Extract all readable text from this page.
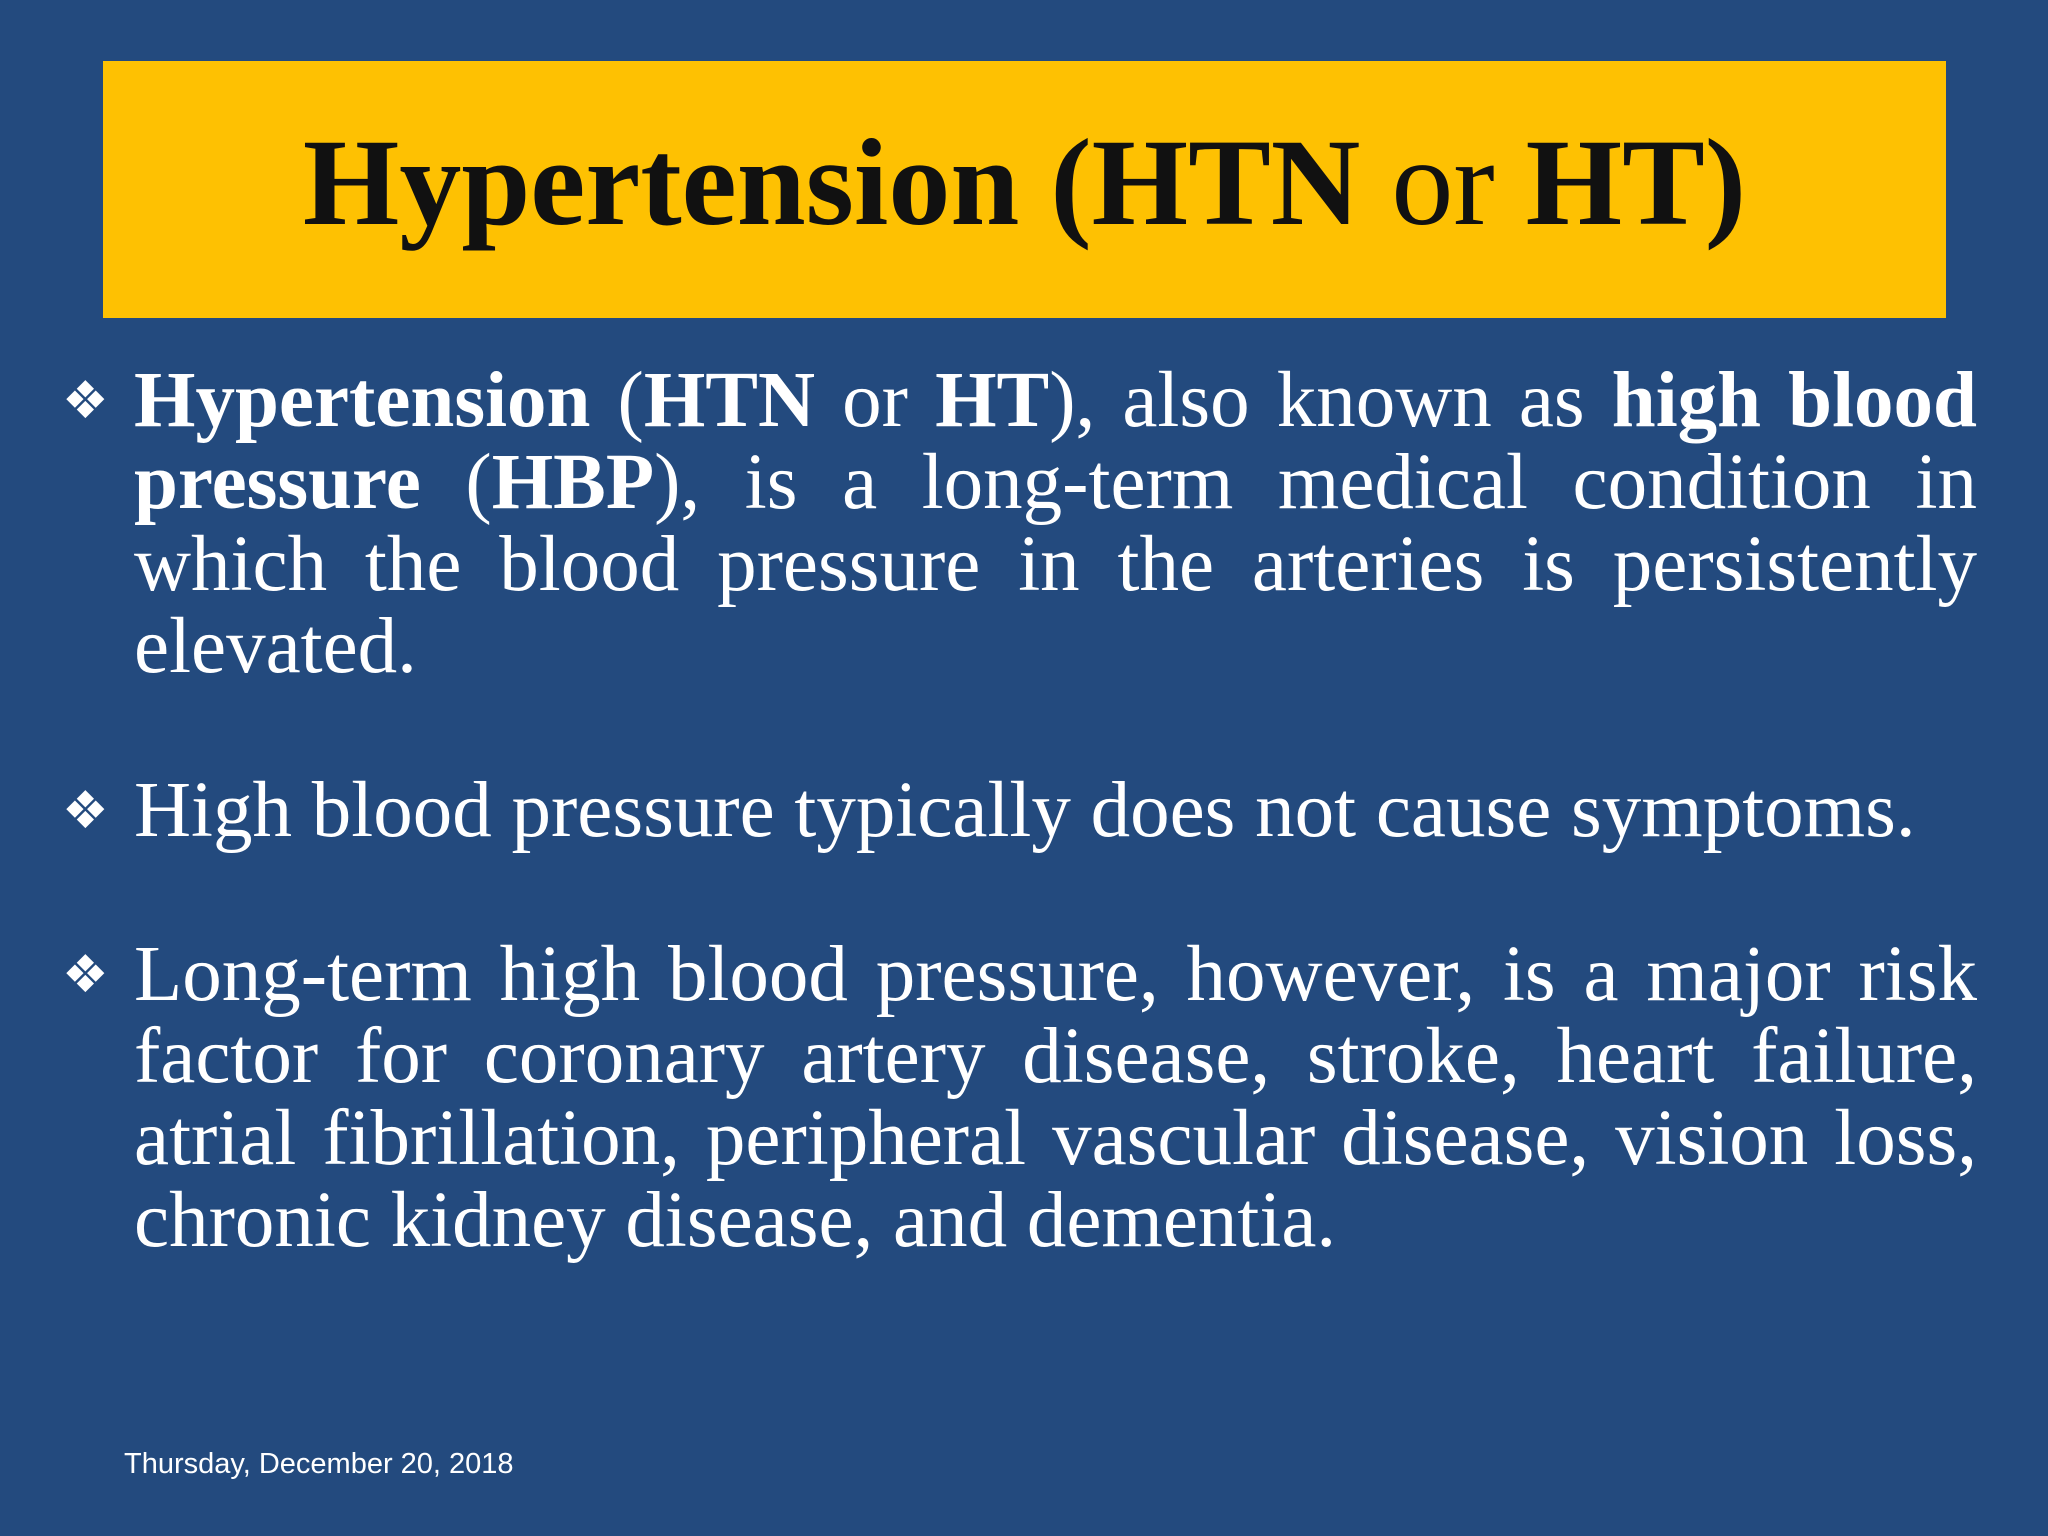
Hypertension (HTN or HT)
❖ Hypertension (HTN or HT), also known as high blood pressure (HBP), is a long-term medical condition in which the blood pressure in the arteries is persistently elevated.
❖ High blood pressure typically does not cause symptoms.
❖ Long-term high blood pressure, however, is a major risk factor for coronary artery disease, stroke, heart failure, atrial fibrillation, peripheral vascular disease, vision loss, chronic kidney disease, and dementia.
Thursday, December 20, 2018
